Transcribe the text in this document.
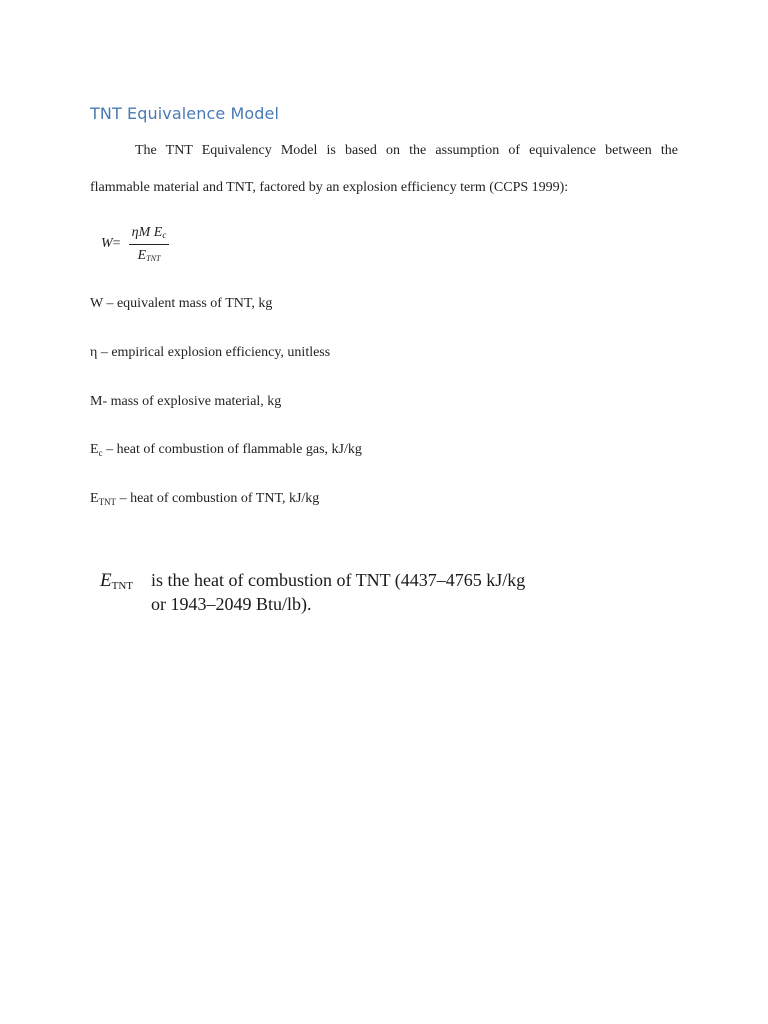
TNT Equivalence Model
The TNT Equivalency Model is based on the assumption of equivalence between the
flammable material and TNT, factored by an explosion efficiency term (CCPS 1999):
W=
ηM $E_c$
$E_{TNT}$
W – equivalent mass of TNT, kg
η – empirical explosion efficiency, unitless
M- mass of explosive material, kg
$E_c$ – heat of combustion of flammable gas, kJ/kg
$E_{TNT}$ – heat of combustion of TNT, kJ/kg
$E_{TNT}$ is the heat of combustion of TNT (4437–4765 kJ/kg
or 1943–2049 Btu/lb).
